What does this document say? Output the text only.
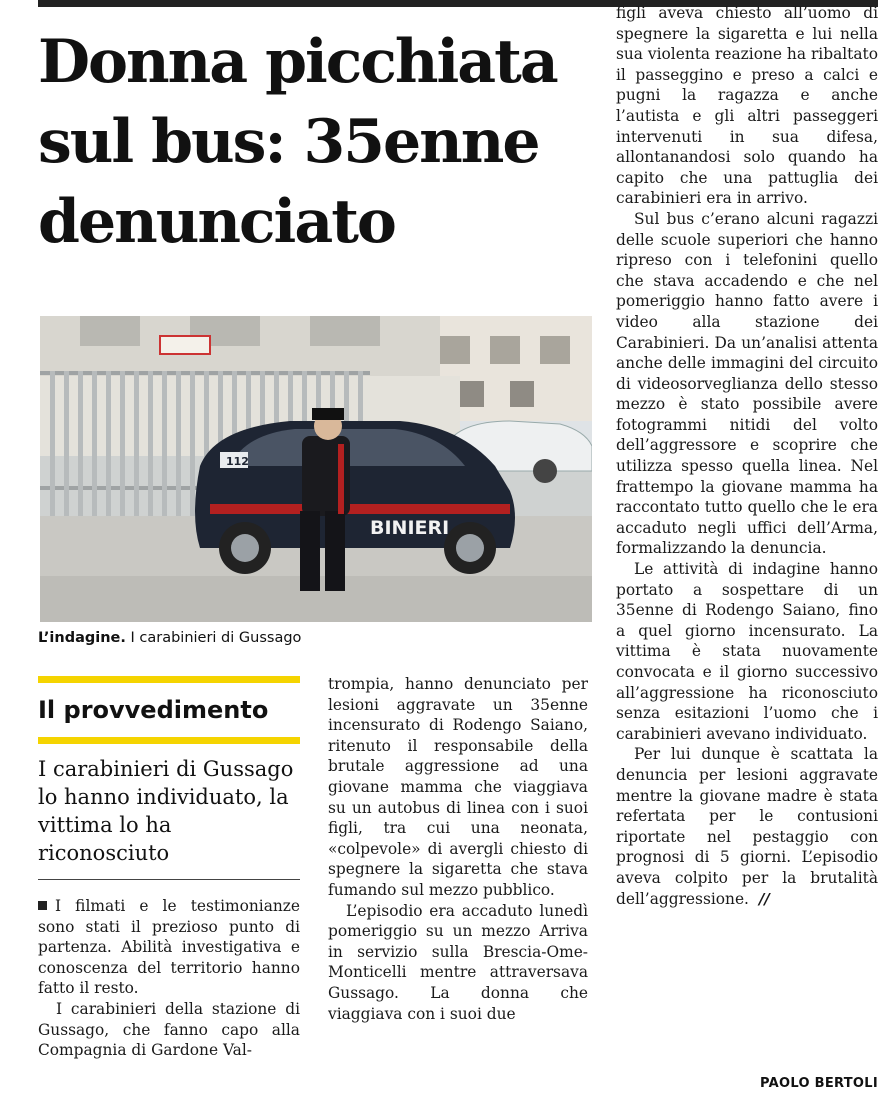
Donna picchiata sul bus: 35enne denunciato
112
BINIERI
L’indagine. I carabinieri di Gussago
Il provvedimento
I carabinieri di Gussago lo hanno individuato, la vittima lo ha riconosciuto

I filmati e le testimonianze sono stati il prezioso punto di partenza. Abilità investigativa e conoscenza del territorio hanno fatto il resto.

I carabinieri della stazione di Gussago, che fanno capo alla Compagnia di Gardone Val-

trompia, hanno denunciato per lesioni aggravate un 35enne incensurato di Rodengo Saiano, ritenuto il responsabile della brutale aggressione ad una giovane mamma che viaggiava su un autobus di linea con i suoi figli, tra cui una neonata, «colpevole» di avergli chiesto di spegnere la sigaretta che stava fumando sul mezzo pubblico.

L’episodio era accaduto lunedì pomeriggio su un mezzo Arriva in servizio sulla Brescia-Ome-Monticelli mentre attraversava Gussago. La donna che viaggiava con i suoi due

figli aveva chiesto all’uomo di spegnere la sigaretta e lui nella sua violenta reazione ha ribaltato il passeggino e preso a calci e pugni la ragazza e anche l’autista e gli altri passeggeri intervenuti in sua difesa, allontanandosi solo quando ha capito che una pattuglia dei carabinieri era in arrivo.

Sul bus c’erano alcuni ragazzi delle scuole superiori che hanno ripreso con i telefonini quello che stava accadendo e che nel pomeriggio hanno fatto avere i video alla stazione dei Carabinieri. Da un’analisi attenta anche delle immagini del circuito di videosorveglianza dello stesso mezzo è stato possibile avere fotogrammi nitidi del volto dell’aggressore e scoprire che utilizza spesso quella linea. Nel frattempo la giovane mamma ha raccontato tutto quello che le era accaduto negli uffici dell’Arma, formalizzando la denuncia.

Le attività di indagine hanno portato a sospettare di un 35enne di Rodengo Saiano, fino a quel giorno incensurato. La vittima è stata nuovamente convocata e il giorno successivo all’aggressione ha riconosciuto senza esitazioni l’uomo che i carabinieri avevano individuato.

Per lui dunque è scattata la denuncia per lesioni aggravate mentre la giovane madre è stata refertata per le contusioni riportate nel pestaggio con prognosi di 5 giorni. L’episodio aveva colpito per la brutalità dell’aggressione. //

PAOLO BERTOLI
